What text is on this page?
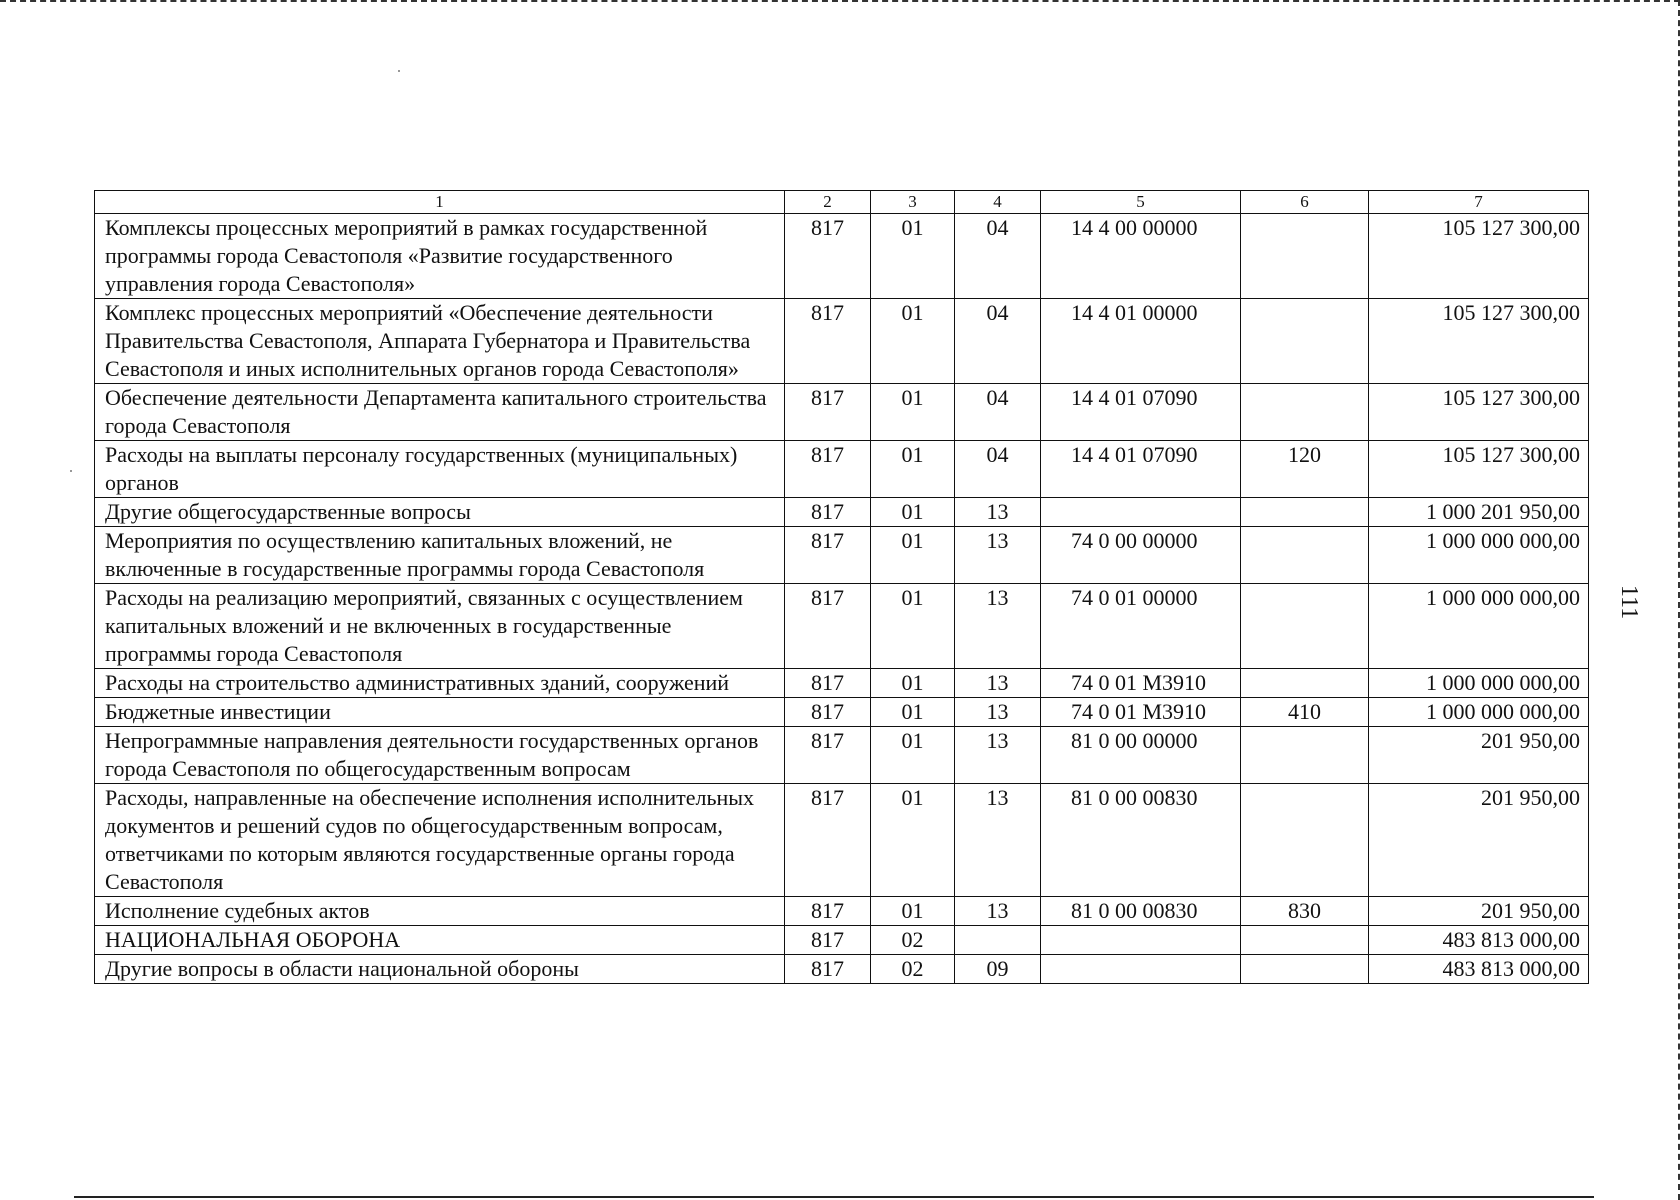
111
1	2	3	4	5	6	7
Комплексы процессных мероприятий в рамках государственной программы города Севастополя «Развитие государственного управления города Севастополя»	817	01	04	14 4 00 00000		105 127 300,00
Комплекс процессных мероприятий «Обеспечение деятельности Правительства Севастополя, Аппарата Губернатора и Правительства Севастополя и иных исполнительных органов города Севастополя»	817	01	04	14 4 01 00000		105 127 300,00
Обеспечение деятельности Департамента капитального строительства города Севастополя	817	01	04	14 4 01 07090		105 127 300,00
Расходы на выплаты персоналу государственных (муниципальных) органов	817	01	04	14 4 01 07090	120	105 127 300,00
Другие общегосударственные вопросы	817	01	13			1 000 201 950,00
Мероприятия по осуществлению капитальных вложений, не включенные в государственные программы города Севастополя	817	01	13	74 0 00 00000		1 000 000 000,00
Расходы на реализацию мероприятий, связанных с осуществлением капитальных вложений и не включенных в государственные программы города Севастополя	817	01	13	74 0 01 00000		1 000 000 000,00
Расходы на строительство административных зданий, сооружений	817	01	13	74 0 01 М3910		1 000 000 000,00
Бюджетные инвестиции	817	01	13	74 0 01 М3910	410	1 000 000 000,00
Непрограммные направления деятельности государственных органов города Севастополя по общегосударственным вопросам	817	01	13	81 0 00 00000		201 950,00
Расходы, направленные на обеспечение исполнения исполнительных документов и решений судов по общегосударственным вопросам, ответчиками по которым являются государственные органы города Севастополя	817	01	13	81 0 00 00830		201 950,00
Исполнение судебных актов	817	01	13	81 0 00 00830	830	201 950,00
НАЦИОНАЛЬНАЯ ОБОРОНА	817	02				483 813 000,00
Другие вопросы в области национальной обороны	817	02	09			483 813 000,00
